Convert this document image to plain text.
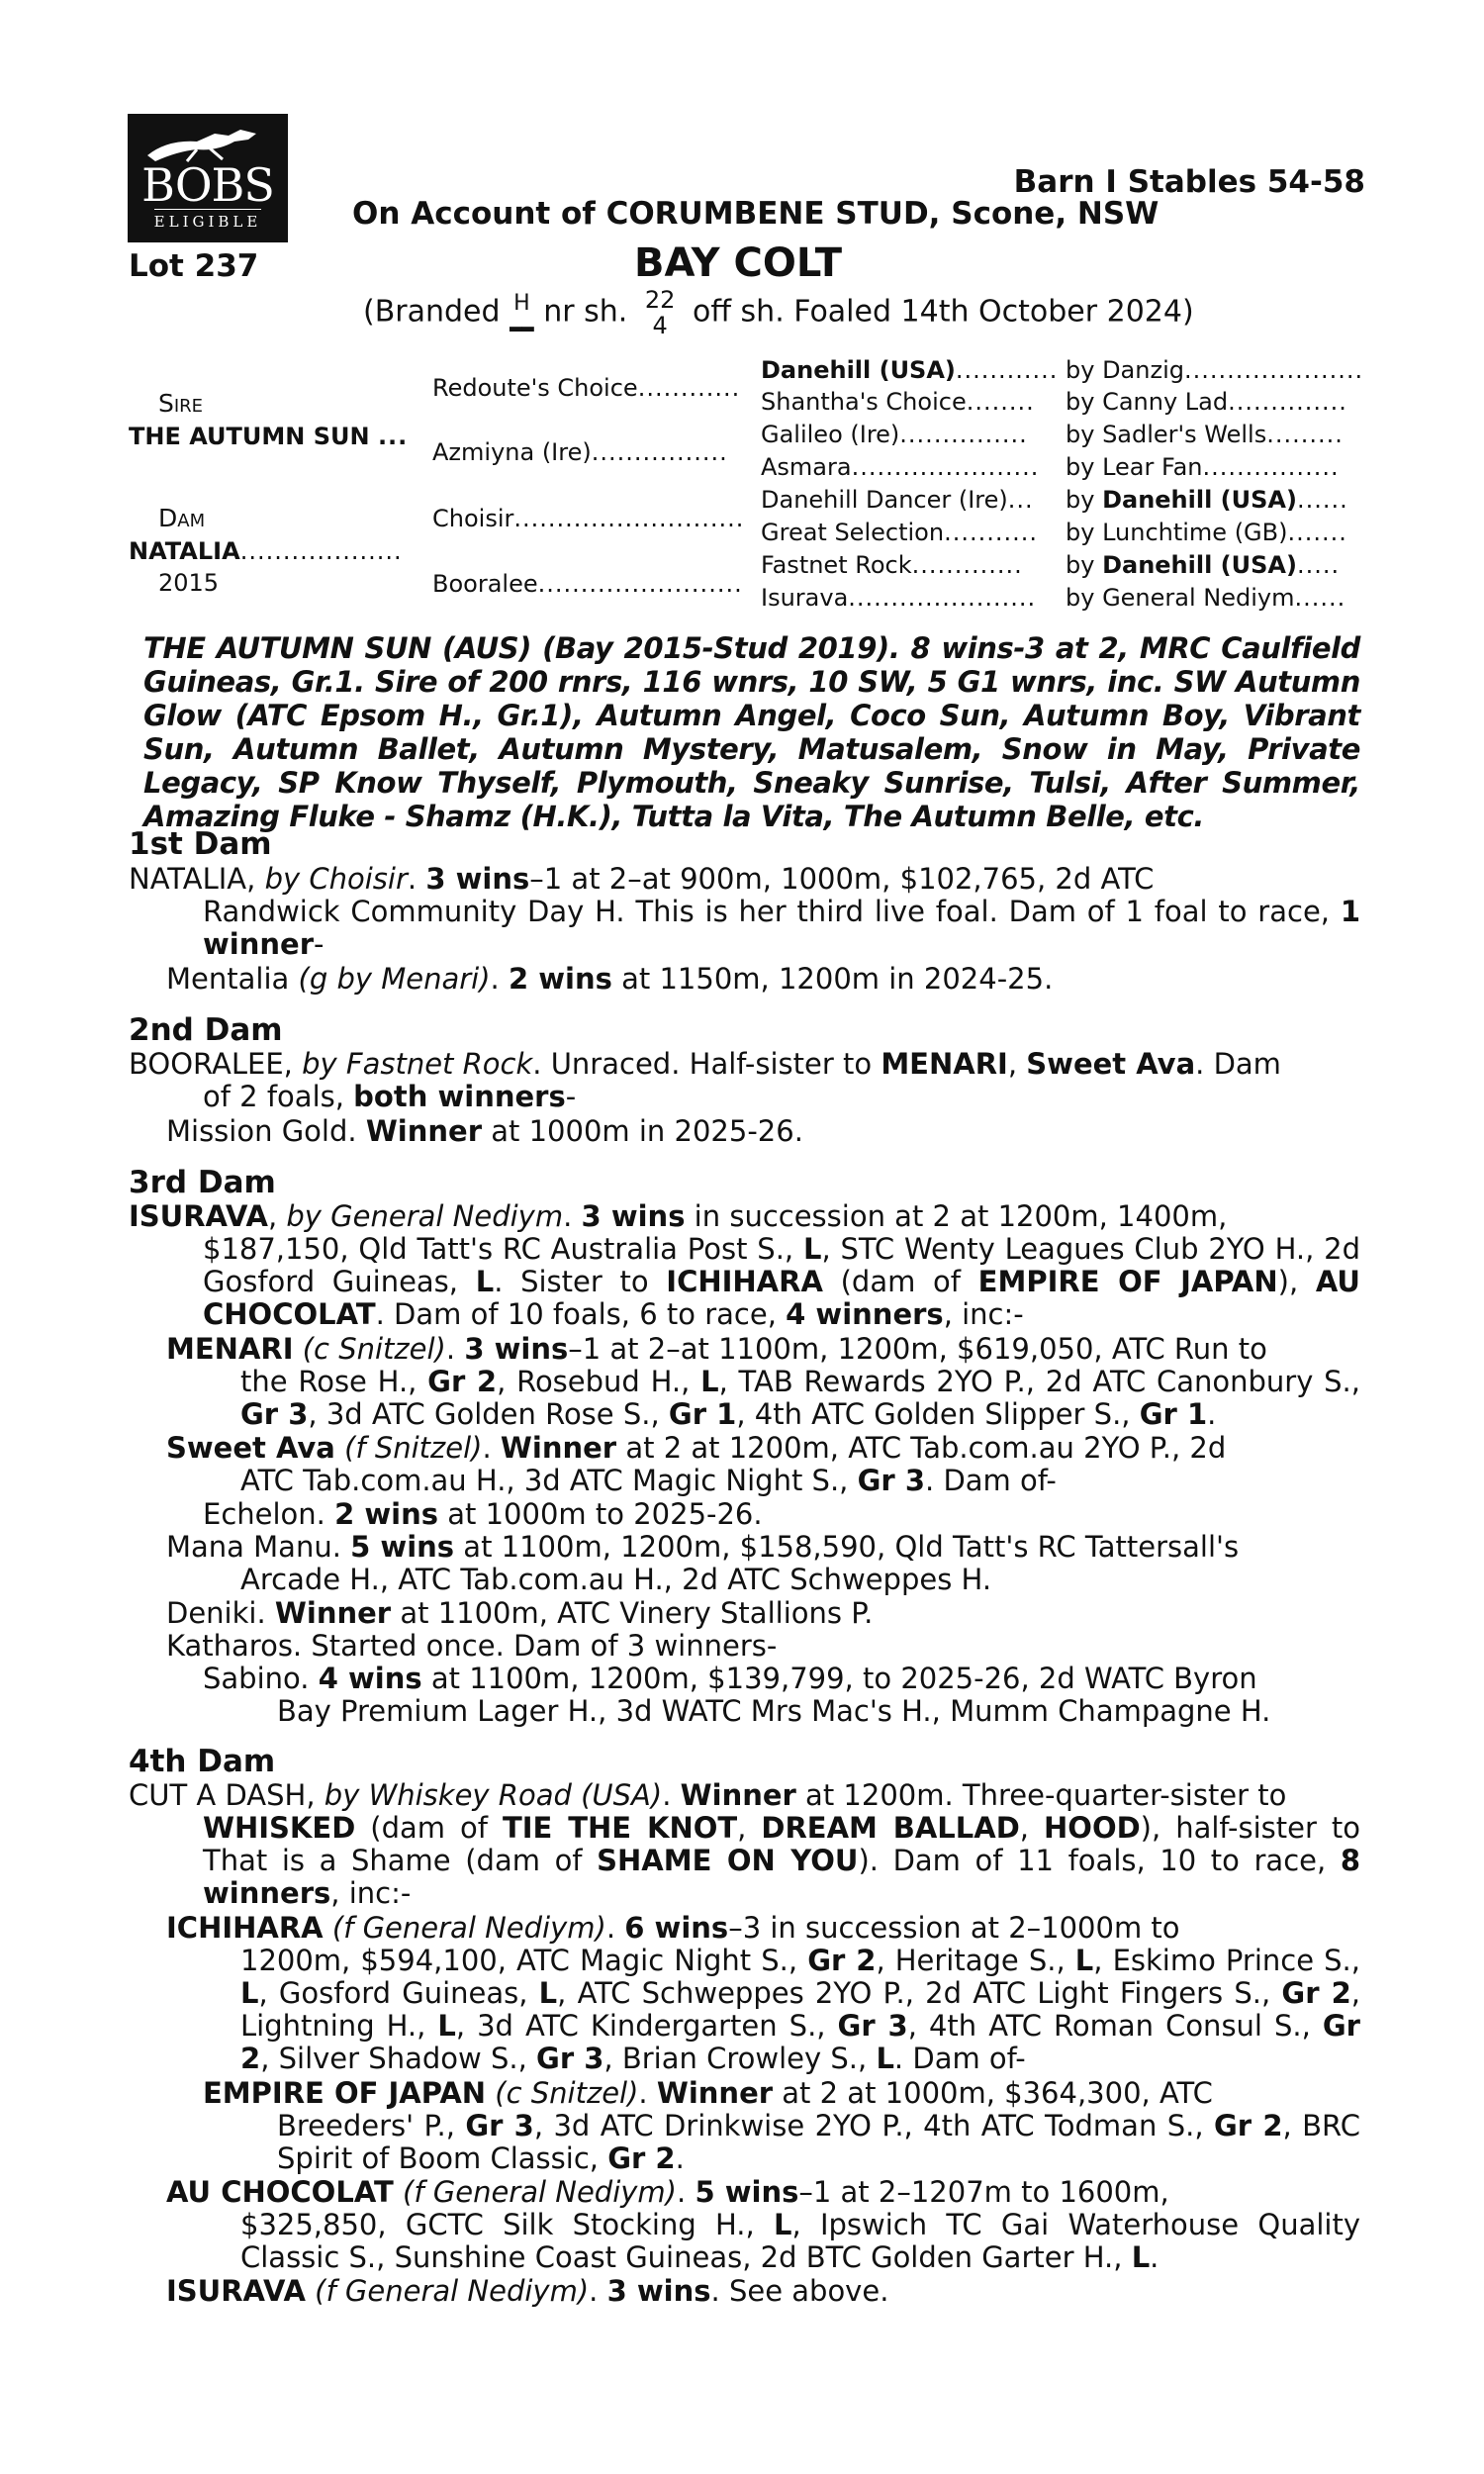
BOBS
ELIGIBLE
Barn I Stables 54-58
On Account of CORUMBENE STUD, Scone, NSW
Lot 237	BAY COLT
(Branded H
▂▂ nr sh. 22
4 off sh. Foaled 14th October 2024)
Sire
THE AUTUMN SUN ...
Dam
NATALIA...................
2015
Redoute's Choice............
Azmiyna (Ire)................
Choisir...........................
Booralee........................
Danehill (USA)............
Shantha's Choice........
Galileo (Ire)...............
Asmara......................
Danehill Dancer (Ire)...
Great Selection...........
Fastnet Rock.............
Isurava......................
by Danzig.....................
by Canny Lad..............
by Sadler's Wells.........
by Lear Fan................
by Danehill (USA)......
by Lunchtime (GB).......
by Danehill (USA).....
by General Nediym......
THE AUTUMN SUN (AUS) (Bay 2015-Stud 2019). 8 wins-3 at 2, MRC Caulfield Guineas, Gr.1. Sire of 200 rnrs, 116 wnrs, 10 SW, 5 G1 wnrs, inc. SW Autumn Glow (ATC Epsom H., Gr.1), Autumn Angel, Coco Sun, Autumn Boy, Vibrant Sun, Autumn Ballet, Autumn Mystery, Matusalem, Snow in May, Private Legacy, SP Know Thyself, Plymouth, Sneaky Sunrise, Tulsi, After Summer, Amazing Fluke - Shamz (H.K.), Tutta la Vita, The Autumn Belle, etc.
1st Dam
NATALIA, by Choisir. 3 wins–1 at 2–at 900m, 1000m, $102,765, 2d ATC
Randwick Community Day H. This is her third live foal. Dam of 1 foal to race, 1 winner-
Mentalia (g by Menari). 2 wins at 1150m, 1200m in 2024-25.
2nd Dam
BOORALEE, by Fastnet Rock. Unraced. Half-sister to MENARI, Sweet Ava. Dam
of 2 foals, both winners-
Mission Gold. Winner at 1000m in 2025-26.
3rd Dam
ISURAVA, by General Nediym. 3 wins in succession at 2 at 1200m, 1400m,
$187,150, Qld Tatt's RC Australia Post S., L, STC Wenty Leagues Club 2YO H., 2d Gosford Guineas, L. Sister to ICHIHARA (dam of EMPIRE OF JAPAN), AU CHOCOLAT. Dam of 10 foals, 6 to race, 4 winners, inc:-
MENARI (c Snitzel). 3 wins–1 at 2–at 1100m, 1200m, $619,050, ATC Run to
the Rose H., Gr 2, Rosebud H., L, TAB Rewards 2YO P., 2d ATC Canonbury S., Gr 3, 3d ATC Golden Rose S., Gr 1, 4th ATC Golden Slipper S., Gr 1.
Sweet Ava (f Snitzel). Winner at 2 at 1200m, ATC Tab.com.au 2YO P., 2d
ATC Tab.com.au H., 3d ATC Magic Night S., Gr 3. Dam of-
Echelon. 2 wins at 1000m to 2025-26.
Mana Manu. 5 wins at 1100m, 1200m, $158,590, Qld Tatt's RC Tattersall's
Arcade H., ATC Tab.com.au H., 2d ATC Schweppes H.
Deniki. Winner at 1100m, ATC Vinery Stallions P.
Katharos. Started once. Dam of 3 winners-
Sabino. 4 wins at 1100m, 1200m, $139,799, to 2025-26, 2d WATC Byron
Bay Premium Lager H., 3d WATC Mrs Mac's H., Mumm Champagne H.
4th Dam
CUT A DASH, by Whiskey Road (USA). Winner at 1200m. Three-quarter-sister to
WHISKED (dam of TIE THE KNOT, DREAM BALLAD, HOOD), half-sister to That is a Shame (dam of SHAME ON YOU). Dam of 11 foals, 10 to race, 8 winners, inc:-
ICHIHARA (f General Nediym). 6 wins–3 in succession at 2–1000m to
1200m, $594,100, ATC Magic Night S., Gr 2, Heritage S., L, Eskimo Prince S., L, Gosford Guineas, L, ATC Schweppes 2YO P., 2d ATC Light Fingers S., Gr 2, Lightning H., L, 3d ATC Kindergarten S., Gr 3, 4th ATC Roman Consul S., Gr 2, Silver Shadow S., Gr 3, Brian Crowley S., L. Dam of-
EMPIRE OF JAPAN (c Snitzel). Winner at 2 at 1000m, $364,300, ATC
Breeders' P., Gr 3, 3d ATC Drinkwise 2YO P., 4th ATC Todman S., Gr 2, BRC Spirit of Boom Classic, Gr 2.
AU CHOCOLAT (f General Nediym). 5 wins–1 at 2–1207m to 1600m,
$325,850, GCTC Silk Stocking H., L, Ipswich TC Gai Waterhouse Quality Classic S., Sunshine Coast Guineas, 2d BTC Golden Garter H., L.
ISURAVA (f General Nediym). 3 wins. See above.
